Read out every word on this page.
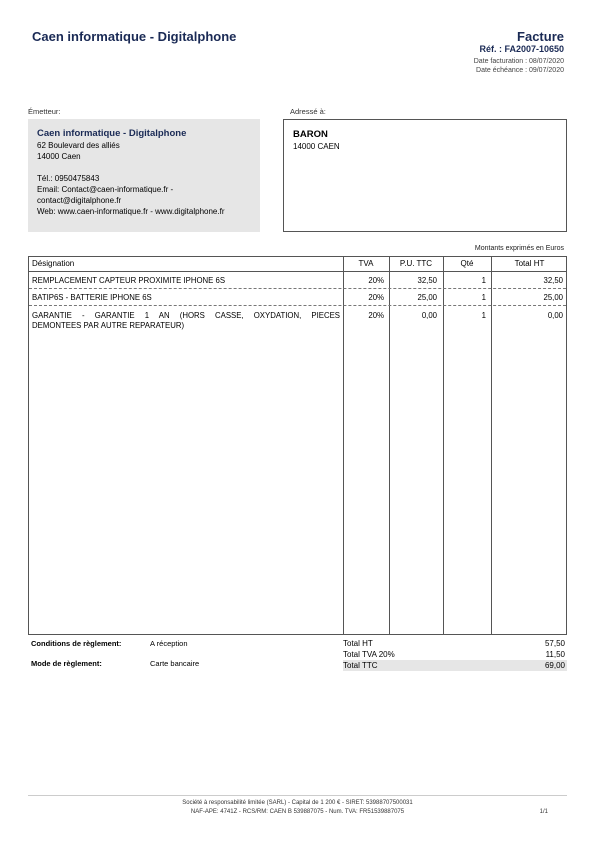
Caen informatique - Digitalphone	Facture
Réf. : FA2007-10650
Date facturation : 08/07/2020
Date échéance : 09/07/2020
Émetteur:	Adressé à:
Caen informatique - Digitalphone
62 Boulevard des alliés
14000 Caen
Tél.: 0950475843
Email: Contact@caen-informatique.fr -
contact@digitalphone.fr
Web: www.caen-informatique.fr - www.digitalphone.fr
BARON
14000 CAEN
Montants exprimés en Euros
Désignation	TVA	P.U. TTC	Qté	Total HT
REMPLACEMENT CAPTEUR PROXIMITE IPHONE 6S	20%	32,50	1	32,50
BATIP6S - BATTERIE IPHONE 6S	20%	25,00	1	25,00
GARANTIE - GARANTIE 1 AN (HORS CASSE, OXYDATION, PIECES
DEMONTEES PAR AUTRE REPARATEUR)
20%	0,00	1	0,00
Conditions de règlement:	A réception
Mode de règlement:	Carte bancaire
Total HT	57,50
Total TVA 20%	11,50
Total TTC	69,00
Société à responsabilité limitée (SARL) - Capital de 1 200 € - SIRET: 53988707500031
NAF-APE: 4741Z - RCS/RM: CAEN B 539887075 - Num. TVA: FR51539887075	1/1
